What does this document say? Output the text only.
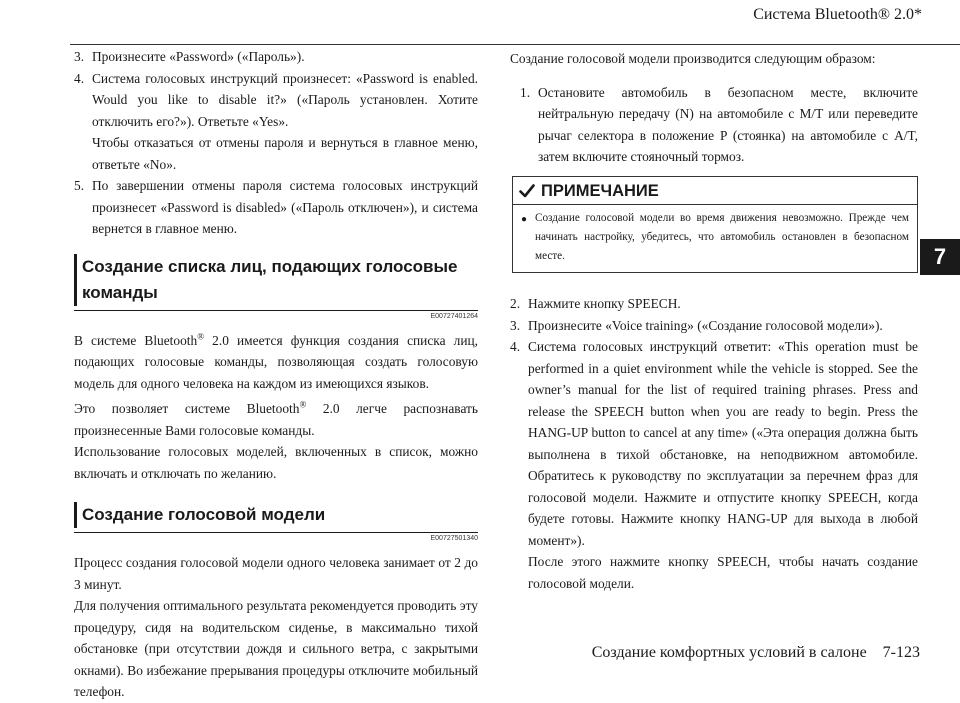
Система Bluetooth® 2.0*
7
3. Произнесите «Password» («Пароль»).
4. Система голосовых инструкций произнесет: «Password is enabled. Would you like to disable it?» («Пароль установлен. Хотите отключить его?»). Ответьте «Yes».

Чтобы отказаться от отмены пароля и вернуться в главное меню, ответьте «No».

5. По завершении отмены пароля система голосовых инструкций произнесет «Password is disabled» («Пароль отключен»), и система вернется в главное меню.
Создание списка лиц, подающих голосовые команды
E00727401264

В системе Bluetooth® 2.0 имеется функция создания списка лиц, подающих голосовые команды, позволяющая создать голосовую модель для одного человека на каждом из имеющихся языков.

Это позволяет системе Bluetooth® 2.0 легче распознавать произнесенные Вами голосовые команды.

Использование голосовых моделей, включенных в список, можно включать и отключать по желанию.

Создание голосовой модели
E00727501340

Процесс создания голосовой модели одного человека занимает от 2 до 3 минут.

Для получения оптимального результата рекомендуется проводить эту процедуру, сидя на водительском сиденье, в максимально тихой обстановке (при отсутствии дождя и сильного ветра, с закрытыми окнами). Во избежание прерывания процедуры отключите мобильный телефон.

Создание голосовой модели производится следующим образом:

1. Остановите автомобиль в безопасном месте, включите нейтральную передачу (N) на автомобиле с M/T или переведите рычаг селектора в положение P (стоянка) на автомобиле с A/T, затем включите стояночный тормоз.
ПРИМЕЧАНИЕ
● Создание голосовой модели во время движения невозможно. Прежде чем начинать настройку, убедитесь, что автомобиль остановлен в безопасном месте.
2. Нажмите кнопку SPEECH.
3. Произнесите «Voice training» («Создание голосовой модели»).
4. Система голосовых инструкций ответит: «This operation must be performed in a quiet environment while the vehicle is stopped. See the owner’s manual for the list of required training phrases. Press and release the SPEECH button when you are ready to begin. Press the HANG-UP button to cancel at any time» («Эта операция должна быть выполнена в тихой обстановке, на неподвижном автомобиле. Обратитесь к руководству по эксплуатации за перечнем фраз для голосовой модели. Нажмите и отпустите кнопку SPEECH, когда будете готовы. Нажмите кнопку HANG-UP для выхода в любой момент»).

После этого нажмите кнопку SPEECH, чтобы начать создание голосовой модели.

Создание комфортных условий в салоне    7-123
